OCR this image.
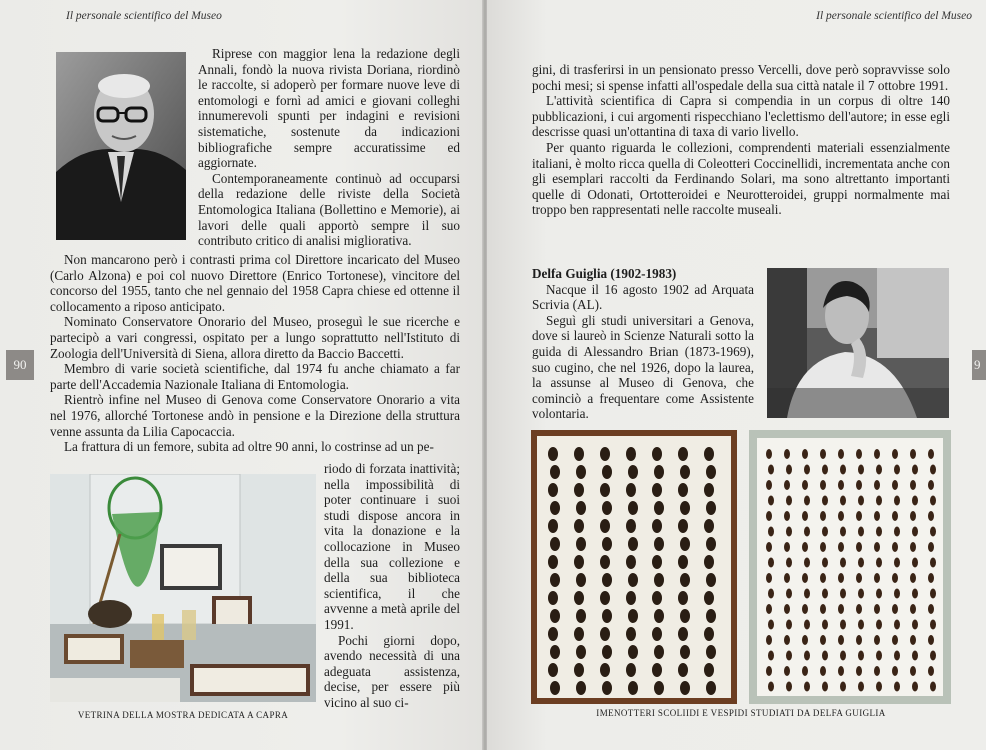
Il personale scientifico del Museo

Riprese con maggior lena la redazione degli Annali, fondò la nuova rivista Doriana, riordinò le raccolte, si adoperò per formare nuove leve di entomologi e fornì ad amici e giovani colleghi innumerevoli spunti per indagini e revisioni sistematiche, sostenute da indicazioni bibliografiche sempre accuratissime ed aggiornate.

Contemporaneamente continuò ad occuparsi della redazione delle riviste della Società Entomologica Italiana (Bollettino e Memorie), ai lavori delle quali apportò sempre il suo contributo critico di analisi migliorativa.

Non mancarono però i contrasti prima col Direttore incaricato del Museo (Carlo Alzona) e poi col nuovo Direttore (Enrico Tortonese), vincitore del concorso del 1955, tanto che nel gennaio del 1958 Capra chiese ed ottenne il collocamento a riposo anticipato.

Nominato Conservatore Onorario del Museo, proseguì le sue ricerche e partecipò a vari congressi, ospitato per a lungo soprattutto nell'Istituto di Zoologia dell'Università di Siena, allora diretto da Baccio Baccetti.

Membro di varie società scientifiche, dal 1974 fu anche chiamato a far parte dell'Accademia Nazionale Italiana di Entomologia.

Rientrò infine nel Museo di Genova come Conservatore Onorario a vita nel 1976, allorché Tortonese andò in pensione e la Direzione della struttura venne assunta da Lilia Capocaccia.

La frattura di un femore, subita ad oltre 90 anni, lo costrinse ad un pe-

riodo di forzata inattività; nella impossibilità di poter continuare i suoi studi dispose ancora in vita la donazione e la collocazione in Museo della sua collezione e della sua biblioteca scientifica, il che avvenne a metà aprile del 1991.

Pochi giorni dopo, avendo necessità di una adeguata assistenza, decise, per essere più vicino al suo ci-

VETRINA DELLA MOSTRA DEDICATA A CAPRA
90
Il personale scientifico del Museo

gini, di trasferirsi in un pensionato presso Vercelli, dove però sopravvisse solo pochi mesi; si spense infatti all'ospedale della sua città natale il 7 ottobre 1991.

L'attività scientifica di Capra si compendia in un corpus di oltre 140 pubblicazioni, i cui argomenti rispecchiano l'eclettismo dell'autore; in esse egli descrisse quasi un'ottantina di taxa di vario livello.

Per quanto riguarda le collezioni, comprendenti materiali essenzialmente italiani, è molto ricca quella di Coleotteri Coccinellidi, incrementata anche con gli esemplari raccolti da Ferdinando Solari, ma sono altrettanto importanti quelle di Odonati, Ortotteroidei e Neurotteroidei, gruppi normalmente mai troppo ben rappresentati nelle raccolte museali.

Delfa Guiglia (1902-1983)

Nacque il 16 agosto 1902 ad Arquata Scrivia (AL).

Seguì gli studi universitari a Genova, dove si laureò in Scienze Naturali sotto la guida di Alessandro Brian (1873-1969), suo cugino, che nel 1926, dopo la laurea, la assunse al Museo di Genova, che cominciò a frequentare come Assistente volontaria.

IMENOTTERI SCOLIIDI E VESPIDI STUDIATI DA DELFA GUIGLIA
9
